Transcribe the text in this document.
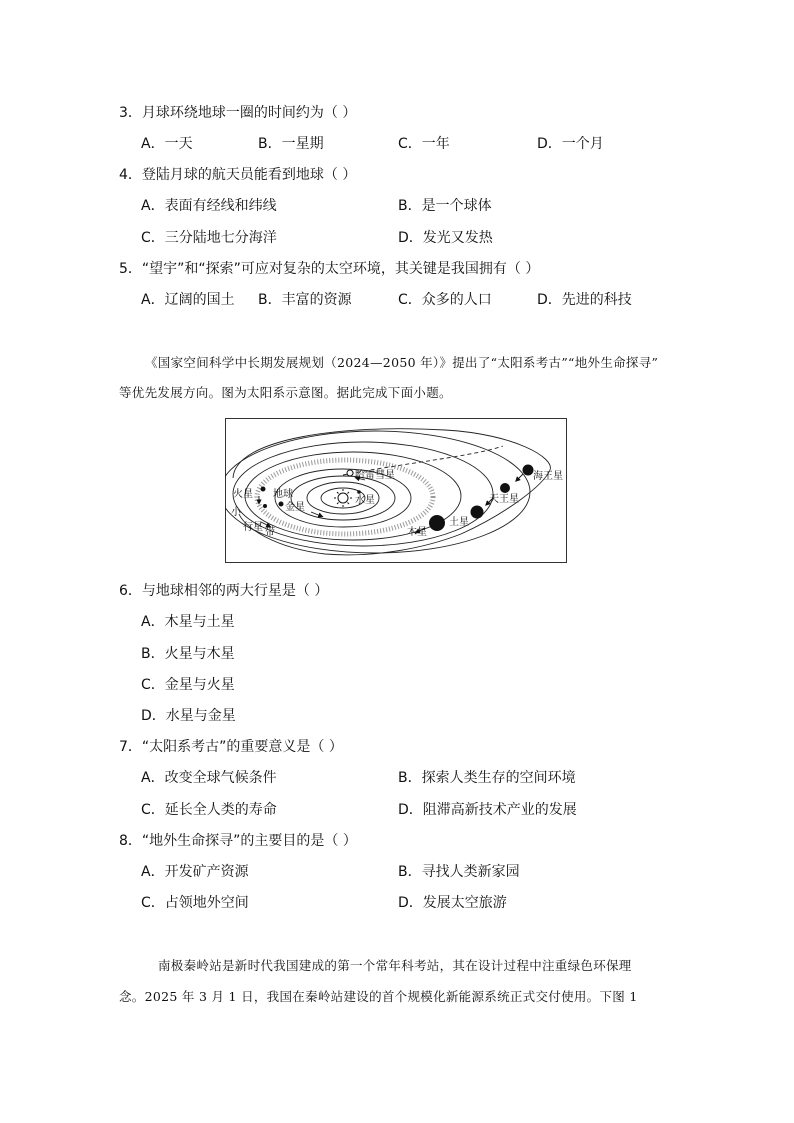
3．月球环绕地球一圈的时间约为（ ）
A．一天	B．一星期	C．一年	D．一个月
4．登陆月球的航天员能看到地球（ ）
A．表面有经线和纬线	B．是一个球体
C．三分陆地七分海洋	D．发光又发热
5．“望宇”和“探索”可应对复杂的太空环境，其关键是我国拥有（ ）
A．辽阔的国土 B．丰富的资源	C．众多的人口	D．先进的科技
《国家空间科学中长期发展规划（2024—2050 年）》提出了“太阳系考古”“地外生命探寻”
等优先发展方向。图为太阳系示意图。据此完成下面小题。
哈雷彗星
水星
金星
地球
火星
小
行星 带	木星
土星
天王星
海王星
6．与地球相邻的两大行星是（ ）
A．木星与土星
B．火星与木星
C．金星与火星
D．水星与金星
7．“太阳系考古”的重要意义是（ ）
A．改变全球气候条件	B．探索人类生存的空间环境
C．延长全人类的寿命	D．阻滞高新技术产业的发展
8．“地外生命探寻”的主要目的是（ ）
A．开发矿产资源	B．寻找人类新家园
C．占领地外空间	D．发展太空旅游
南极秦岭站是新时代我国建成的第一个常年科考站，其在设计过程中注重绿色环保理
念。2025 年 3 月 1 日，我国在秦岭站建设的首个规模化新能源系统正式交付使用。下图 1
